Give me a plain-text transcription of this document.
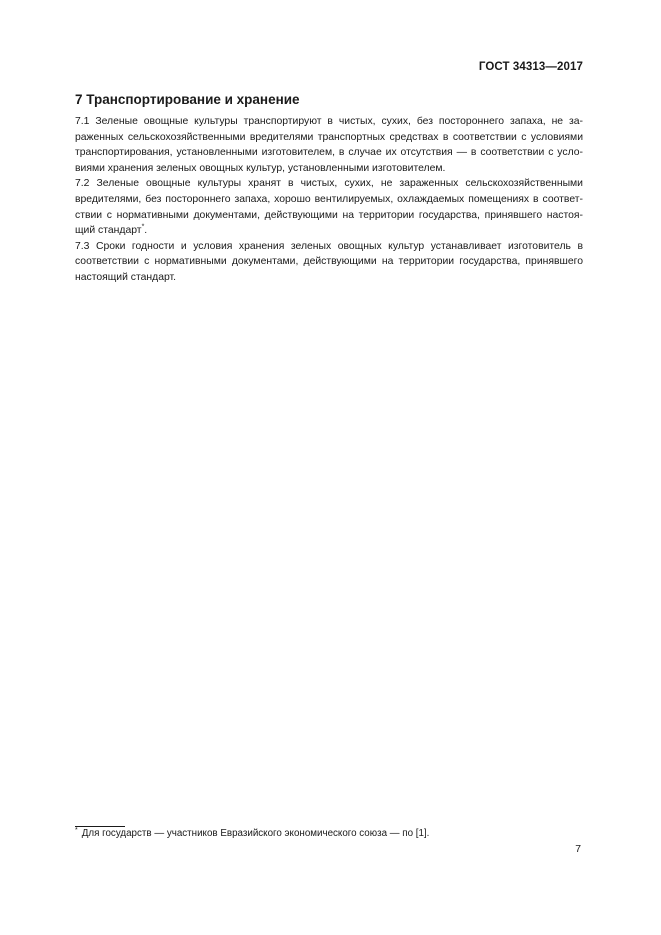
ГОСТ 34313—2017
7 Транспортирование и хранение

7.1 Зеленые овощные культуры транспортируют в чистых, сухих, без постороннего запаха, не за-
раженных сельскохозяйственными вредителями транспортных средствах в соответствии с условиями
транспортирования, установленными изготовителем, в случае их отсутствия — в соответствии с усло-
виями хранения зеленых овощных культур, установленными изготовителем.

7.2 Зеленые овощные культуры хранят в чистых, сухих, не зараженных сельскохозяйственными
вредителями, без постороннего запаха, хорошо вентилируемых, охлаждаемых помещениях в соответ-
ствии с нормативными документами, действующими на территории государства, принявшего настоя-
щий стандарт*.

7.3 Сроки годности и условия хранения зеленых овощных культур устанавливает изготовитель в
соответствии с нормативными документами, действующими на территории государства, принявшего
настоящий стандарт.

* Для государств — участников Евразийского экономического союза — по [1].
7
